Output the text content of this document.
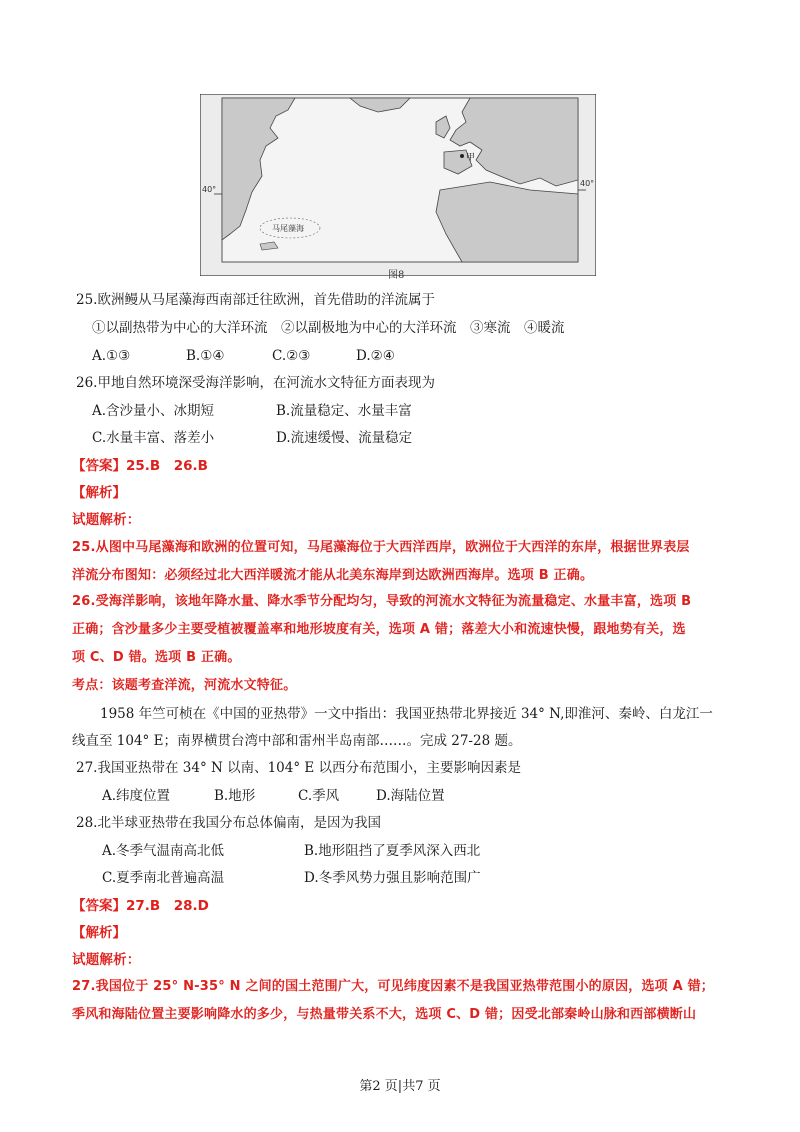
40°
40°
马尾藻海
甲
图8
25.欧洲鳗从马尾藻海西南部迁往欧洲，首先借助的洋流属于
①以副热带为中心的大洋环流　②以副极地为中心的大洋环流　③寒流　④暖流
A.①③	B.①④	C.②③	D.②④
26.甲地自然环境深受海洋影响，在河流水文特征方面表现为
A.含沙量小、冰期短	B.流量稳定、水量丰富
C.水量丰富、落差小	D.流速缓慢、流量稳定
【答案】25.B　26.B
【解析】
试题解析：
25.从图中马尾藻海和欧洲的位置可知，马尾藻海位于大西洋西岸，欧洲位于大西洋的东岸，根据世界表层
洋流分布图知：必须经过北大西洋暖流才能从北美东海岸到达欧洲西海岸。选项 B 正确。
26.受海洋影响，该地年降水量、降水季节分配均匀，导致的河流水文特征为流量稳定、水量丰富，选项 B
正确；含沙量多少主要受植被覆盖率和地形坡度有关，选项 A 错；落差大小和流速快慢，跟地势有关，选
项 C、D 错。选项 B 正确。
考点：该题考查洋流，河流水文特征。
1958 年竺可桢在《中国的亚热带》一文中指出：我国亚热带北界接近 34° N,即淮河、秦岭、白龙江一
线直至 104° E；南界横贯台湾中部和雷州半岛南部……。完成 27-28 题。
27.我国亚热带在 34° N 以南、104° E 以西分布范围小，主要影响因素是
A.纬度位置	B.地形	C.季风	D.海陆位置
28.北半球亚热带在我国分布总体偏南，是因为我国
A.冬季气温南高北低	B.地形阻挡了夏季风深入西北
C.夏季南北普遍高温	D.冬季风势力强且影响范围广
【答案】27.B　28.D
【解析】
试题解析：
27.我国位于 25° N-35° N 之间的国土范围广大，可见纬度因素不是我国亚热带范围小的原因，选项 A 错；
季风和海陆位置主要影响降水的多少，与热量带关系不大，选项 C、D 错；因受北部秦岭山脉和西部横断山
第2 页|共7 页
